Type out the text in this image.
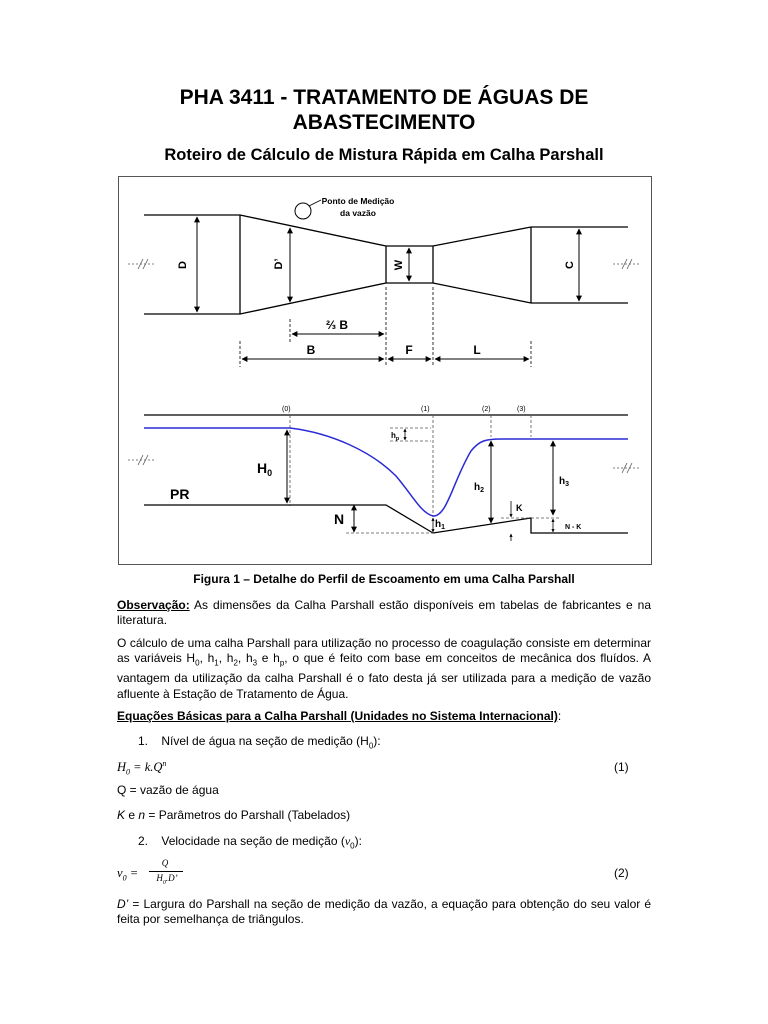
PHA 3411 - TRATAMENTO DE ÁGUAS DE
ABASTECIMENTO
Roteiro de Cálculo de Mistura Rápida em Calha Parshall
D	D’	W	C
Ponto de Medição
da vazão
⅔ B
B	F	L
(0)	(1)	(2)	(3)
$H_0$
PR
N
$h_p$
$h_1$
$h_2$
K
$h_3$
N - K
Figura 1 – Detalhe do Perfil de Escoamento em uma Calha Parshall
Observação: As dimensões da Calha Parshall estão disponíveis em tabelas de fabricantes e na literatura.
O cálculo de uma calha Parshall para utilização no processo de coagulação consiste em determinar as variáveis $H_0$, $h_1$, $h_2$, $h_3$ e $h_p$, o que é feito com base em conceitos de mecânica dos fluídos. A vantagem da utilização da calha Parshall é o fato desta já ser utilizada para a medição de vazão afluente à Estação de Tratamento de Água.
Equações Básicas para a Calha Parshall (Unidades no Sistema Internacional):
1. Nível de água na seção de medição $(H_0)$:
$H_0 = k.Q^n$	(1)
Q = vazão de água
K e n = Parâmetros do Parshall (Tabelados)
2. Velocidade na seção de medição $(v_0)$:
$v_0$ =
Q
$H_0.D$’	(2)
D’ = Largura do Parshall na seção de medição da vazão, a equação para obtenção do seu valor é feita por semelhança de triângulos.
